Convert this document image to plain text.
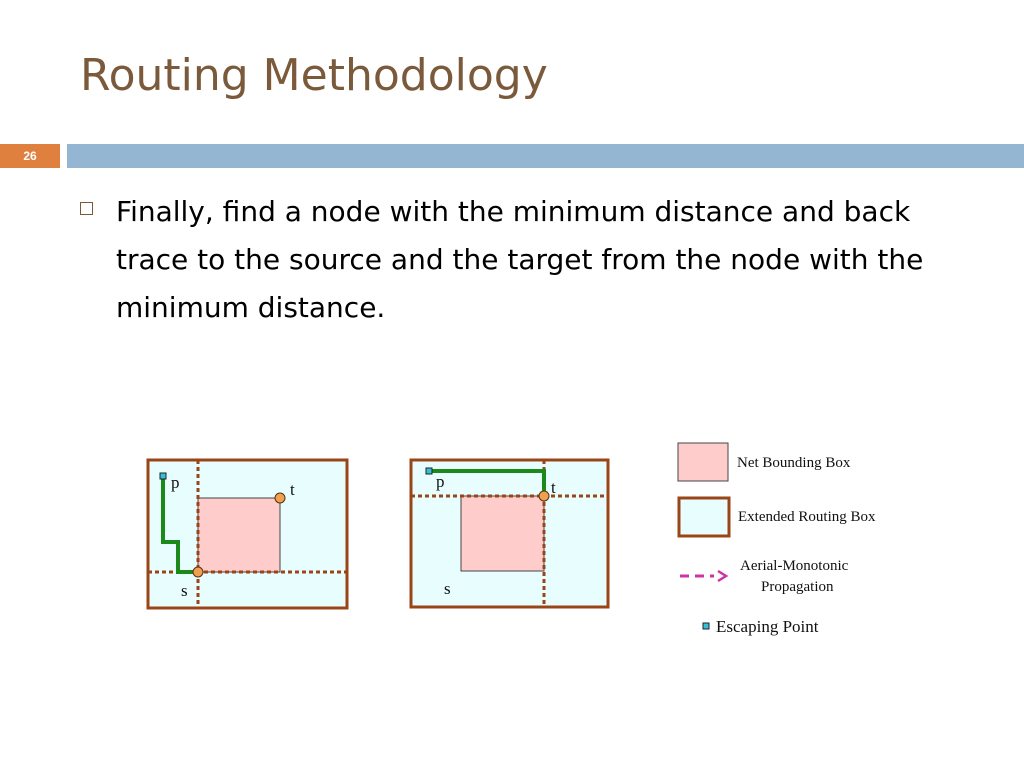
Routing Methodology
26
Finally, find a node with the minimum distance and back trace to the source and the target from the node with the minimum distance.
p	t
s
p	t
s
Net Bounding Box
Extended Routing Box
Aerial-Monotonic
Propagation
Escaping Point
